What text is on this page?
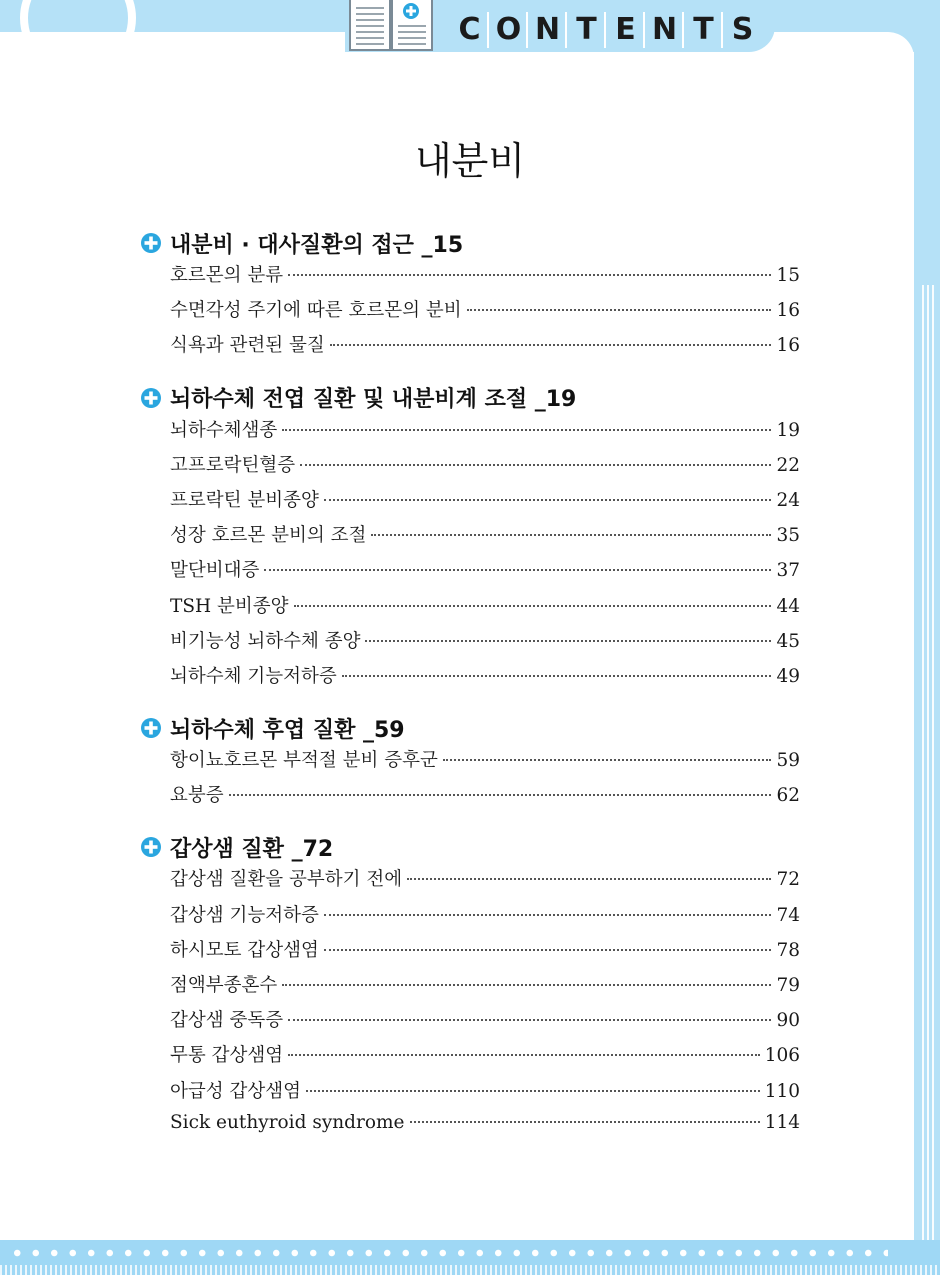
C O N T E N T S
내분비
내분비 · 대사질환의 접근 _15
호르몬의 분류	15
수면각성 주기에 따른 호르몬의 분비	16
식욕과 관련된 물질	16
뇌하수체 전엽 질환 및 내분비계 조절 _19
뇌하수체샘종	19
고프로락틴혈증	22
프로락틴 분비종양	24
성장 호르몬 분비의 조절	35
말단비대증	37
TSH 분비종양	44
비기능성 뇌하수체 종양	45
뇌하수체 기능저하증	49
뇌하수체 후엽 질환 _59
항이뇨호르몬 부적절 분비 증후군	59
요붕증	62
갑상샘 질환 _72
갑상샘 질환을 공부하기 전에	72
갑상샘 기능저하증	74
하시모토 갑상샘염	78
점액부종혼수	79
갑상샘 중독증	90
무통 갑상샘염	106
아급성 갑상샘염	110
Sick euthyroid syndrome	114
